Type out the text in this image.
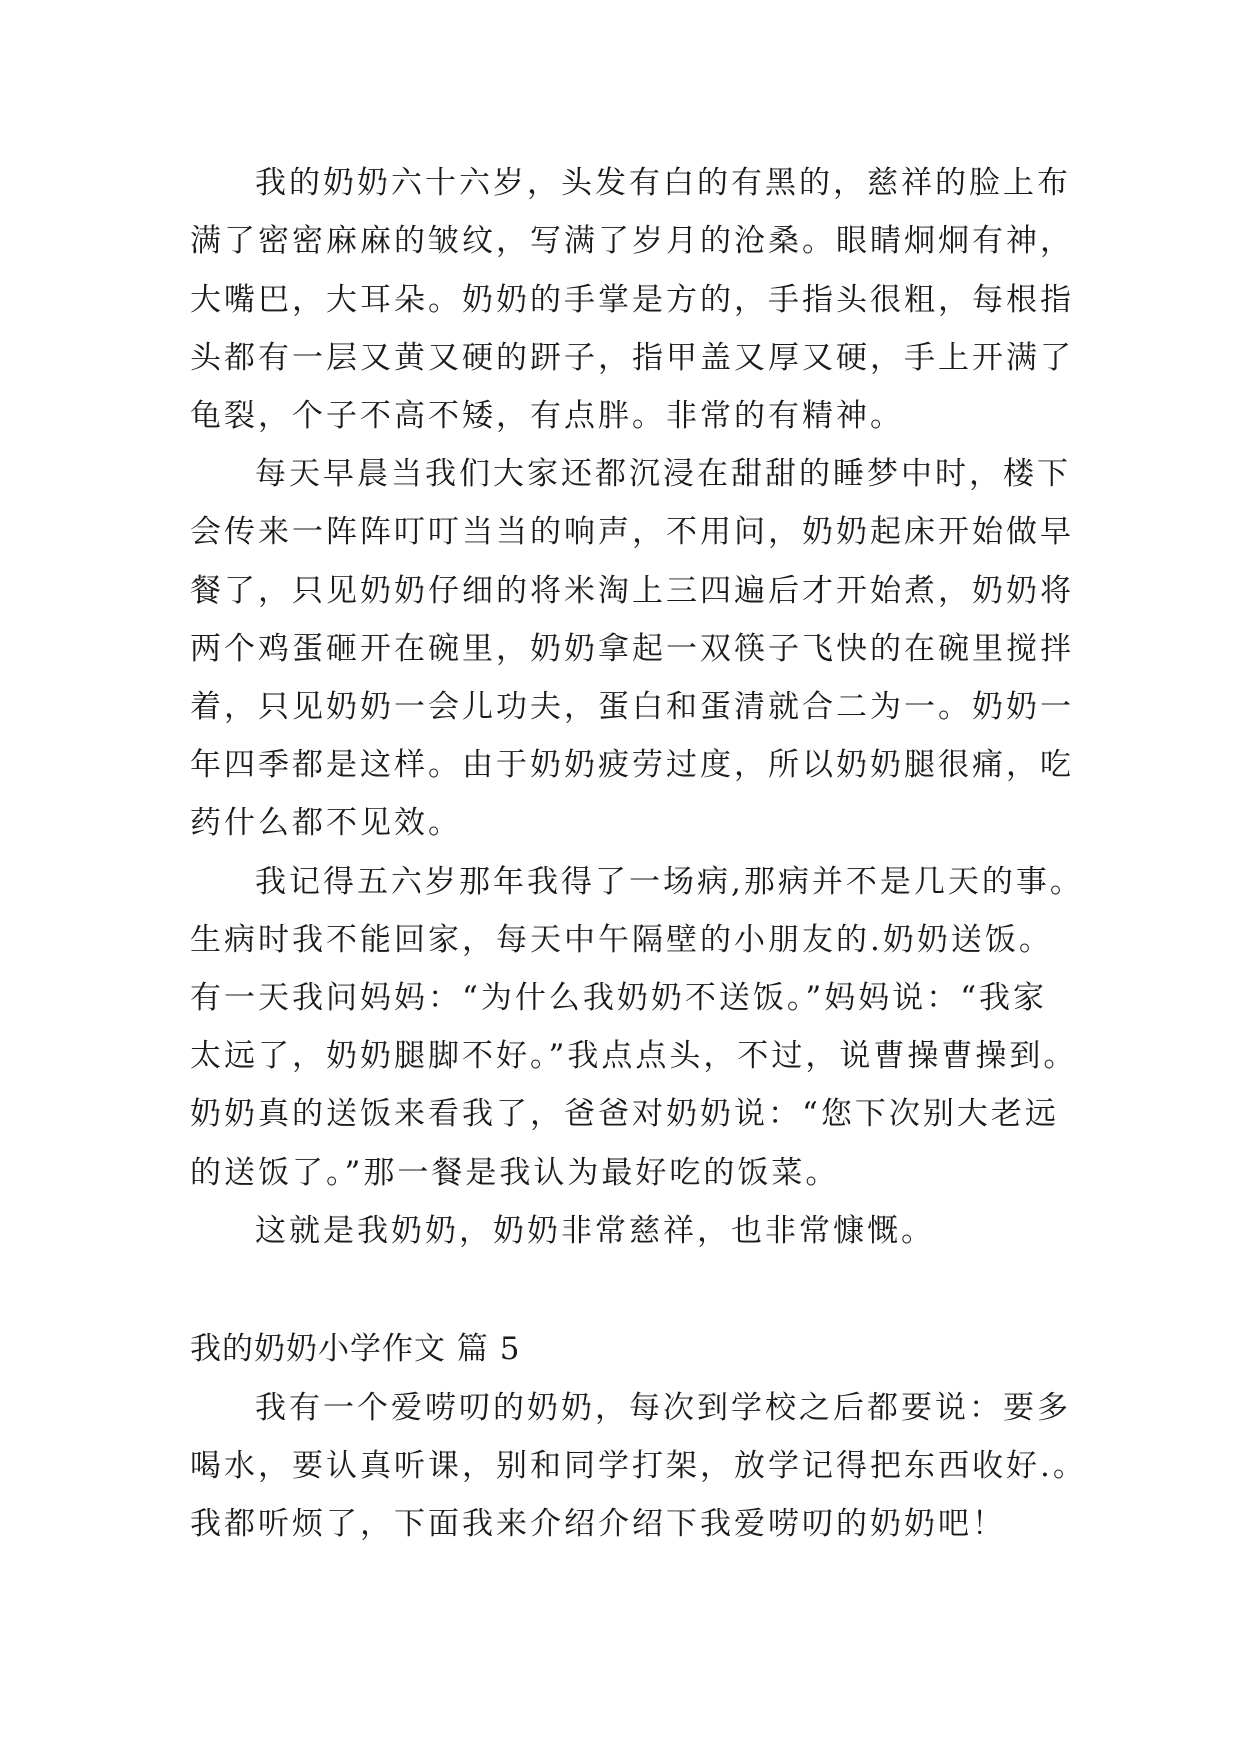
我的奶奶六十六岁，头发有白的有黑的，慈祥的脸上布
满了密密麻麻的皱纹，写满了岁月的沧桑。眼睛炯炯有神，
大嘴巴，大耳朵。奶奶的手掌是方的，手指头很粗，每根指
头都有一层又黄又硬的趼子，指甲盖又厚又硬，手上开满了
龟裂，个子不高不矮，有点胖。非常的有精神。
每天早晨当我们大家还都沉浸在甜甜的睡梦中时，楼下
会传来一阵阵叮叮当当的响声，不用问，奶奶起床开始做早
餐了，只见奶奶仔细的将米淘上三四遍后才开始煮，奶奶将
两个鸡蛋砸开在碗里，奶奶拿起一双筷子飞快的在碗里搅拌
着，只见奶奶一会儿功夫，蛋白和蛋清就合二为一。奶奶一
年四季都是这样。由于奶奶疲劳过度，所以奶奶腿很痛，吃
药什么都不见效。
我记得五六岁那年我得了一场病,那病并不是几天的事。
生病时我不能回家，每天中午隔壁的小朋友的.奶奶送饭。
有一天我问妈妈：“为什么我奶奶不送饭。”妈妈说：“我家
太远了，奶奶腿脚不好。”我点点头，不过，说曹操曹操到。
奶奶真的送饭来看我了，爸爸对奶奶说：“您下次别大老远
的送饭了。”那一餐是我认为最好吃的饭菜。
这就是我奶奶，奶奶非常慈祥，也非常慷慨。
我的奶奶小学作文 篇 5
我有一个爱唠叨的奶奶，每次到学校之后都要说：要多
喝水，要认真听课，别和同学打架，放学记得把东西收好.。
我都听烦了，下面我来介绍介绍下我爱唠叨的奶奶吧！
